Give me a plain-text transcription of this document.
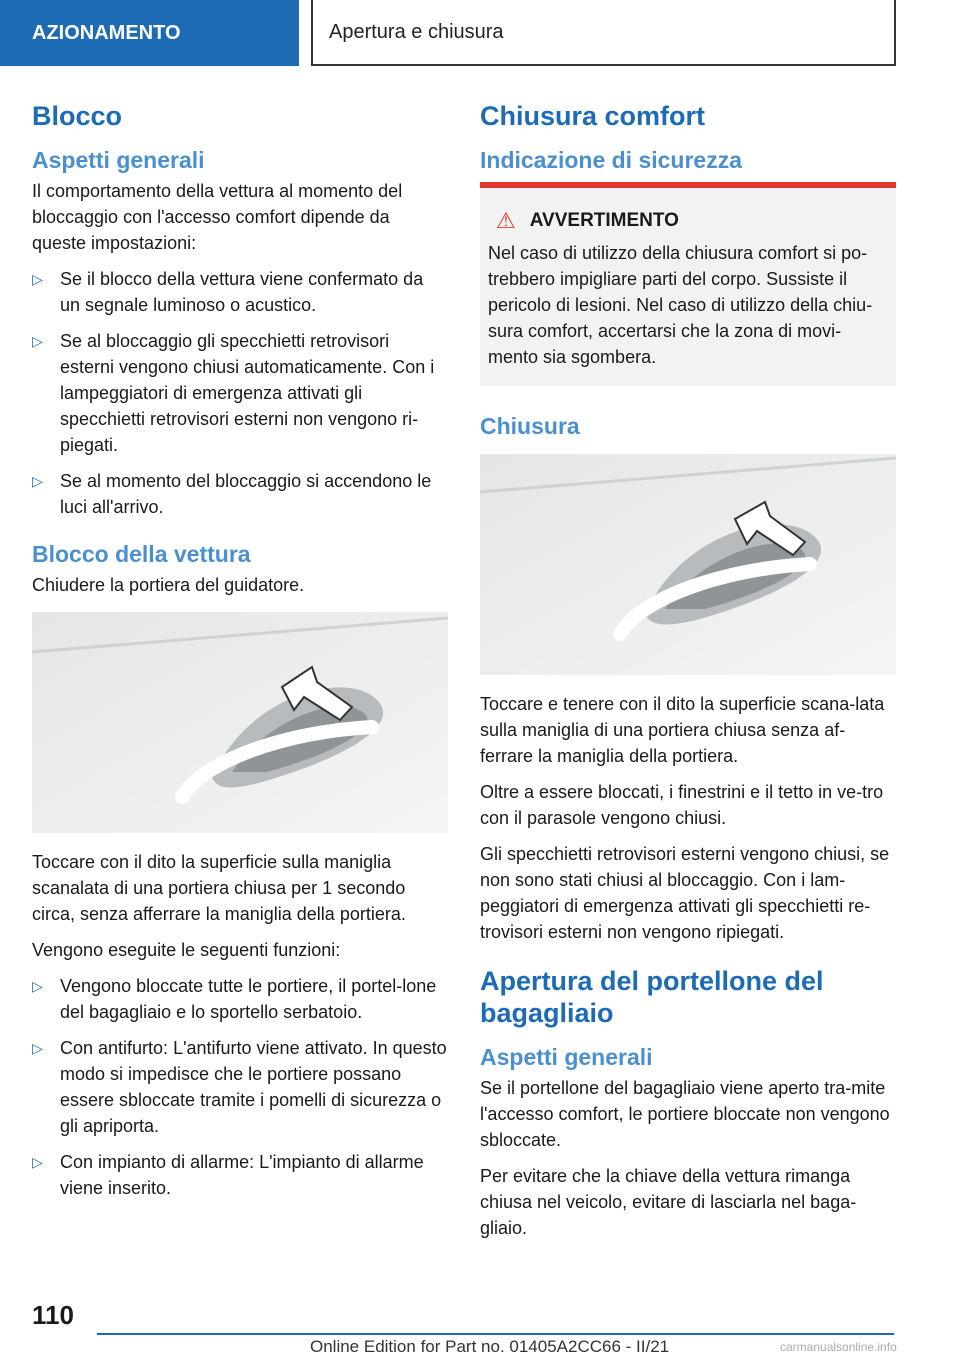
AZIONAMENTO	Apertura e chiusura
Blocco
Aspetti generali

Il comportamento della vettura al momento del bloccaggio con l'accesso comfort dipende da queste impostazioni:

▷ Se il blocco della vettura viene confermato da un segnale luminoso o acustico.
▷ Se al bloccaggio gli specchietti retrovisori esterni vengono chiusi automaticamente. Con i lampeggiatori di emergenza attivati gli specchietti retrovisori esterni non vengono ri-piegati.
▷ Se al momento del bloccaggio si accendono le luci all'arrivo.
Blocco della vettura

Chiudere la portiera del guidatore.

Toccare con il dito la superficie sulla maniglia scanalata di una portiera chiusa per 1 secondo circa, senza afferrare la maniglia della portiera.

Vengono eseguite le seguenti funzioni:

▷ Vengono bloccate tutte le portiere, il portel-lone del bagagliaio e lo sportello serbatoio.
▷ Con antifurto: L'antifurto viene attivato. In questo modo si impedisce che le portiere possano essere sbloccate tramite i pomelli di sicurezza o gli apriporta.
▷ Con impianto di allarme: L'impianto di allarme viene inserito.
Chiusura comfort
Indicazione di sicurezza
⚠ AVVERTIMENTO

Nel caso di utilizzo della chiusura comfort si po-trebbero impigliare parti del corpo. Sussiste il pericolo di lesioni. Nel caso di utilizzo della chiu-sura comfort, accertarsi che la zona di movi-mento sia sgombera.

Chiusura

Toccare e tenere con il dito la superficie scana-lata sulla maniglia di una portiera chiusa senza af-ferrare la maniglia della portiera.

Oltre a essere bloccati, i finestrini e il tetto in ve-tro con il parasole vengono chiusi.

Gli specchietti retrovisori esterni vengono chiusi, se non sono stati chiusi al bloccaggio. Con i lam-peggiatori di emergenza attivati gli specchietti re-trovisori esterni non vengono ripiegati.

Apertura del portellone del bagagliaio
Aspetti generali

Se il portellone del bagagliaio viene aperto tra-mite l'accesso comfort, le portiere bloccate non vengono sbloccate.

Per evitare che la chiave della vettura rimanga chiusa nel veicolo, evitare di lasciarla nel baga-gliaio.

110
Online Edition for Part no. 01405A2CC66 - II/21	carmanualsonline.info
